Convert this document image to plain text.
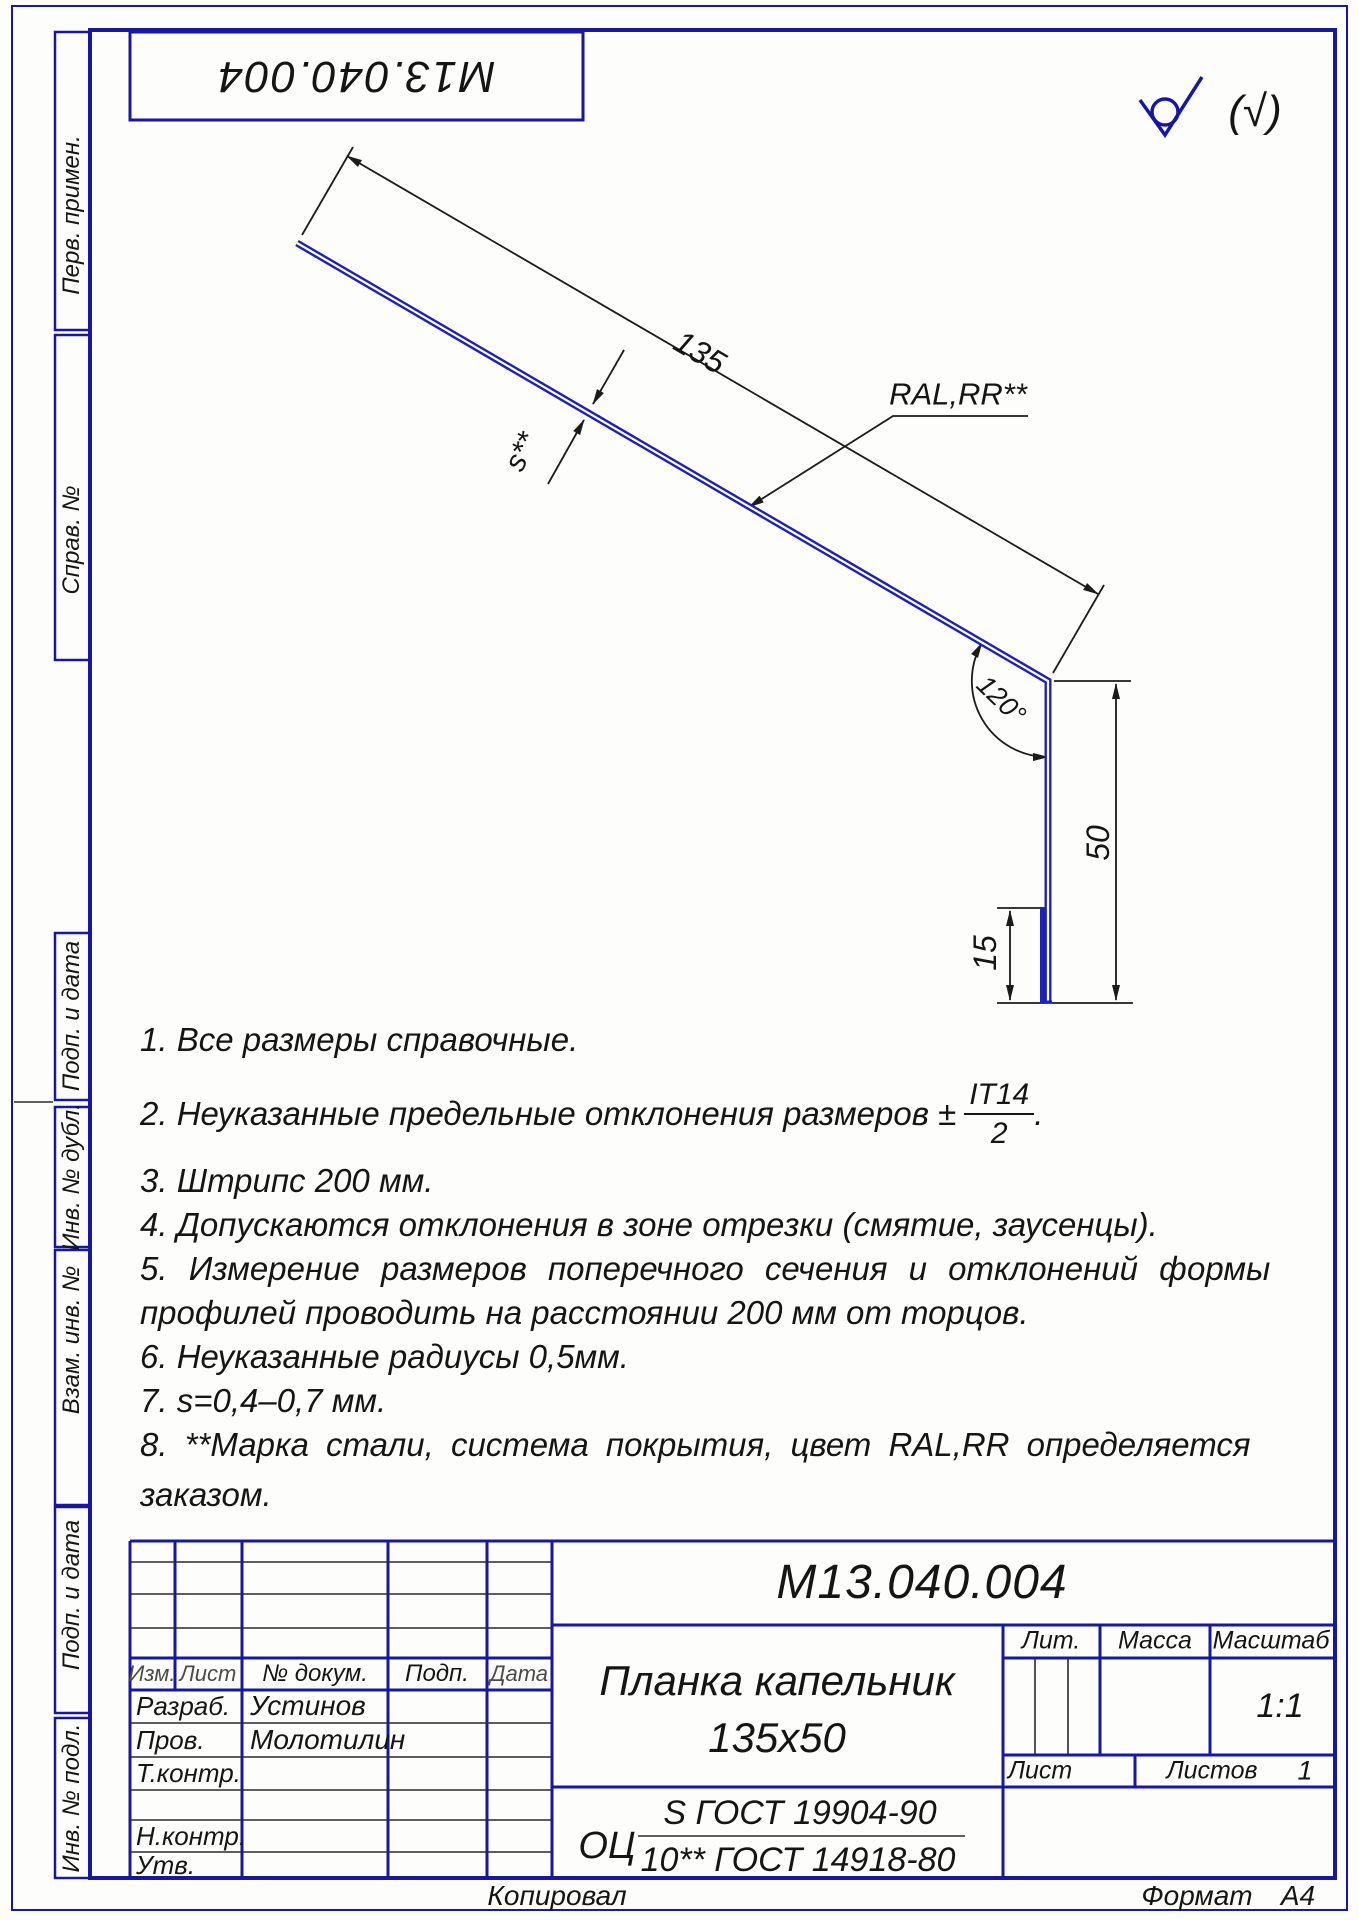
М13.040.004
(√)
Перв. примен.
Справ. №
Подп. и дата
Инв. № дубл.
Взам. инв. №
Подп. и дата
Инв. № подл.
135
s**
RAL,RR**
120°
50
15
1. Все размеры справочные.
2. Неуказанные предельные отклонения размеров ± $\frac{IT14}{2}$ .
3. Штрипс 200 мм.
4. Допускаются отклонения в зоне отрезки (смятие, заусенцы).
5. Измерение размеров поперечного сечения и отклонений формы
профилей проводить на расстоянии 200 мм от торцов.
6. Неуказанные радиусы 0,5мм.
7. s=0,4–0,7 мм.
8. **Марка стали, система покрытия, цвет RAL,RR определяется
заказом.
М13.040.004
Планка капельник
135х50
ОЦ
S ГОСТ 19904-90
10** ГОСТ 14918-80
Лит. Масса Масштаб
1:1
Лист	Листов 1
Изм. Лист № докум. Подп. Дата
Разраб. Устинов
Пров. Молотилин
Т.контр.
Н.контр.
Утв.
Копировал	Формат А4
